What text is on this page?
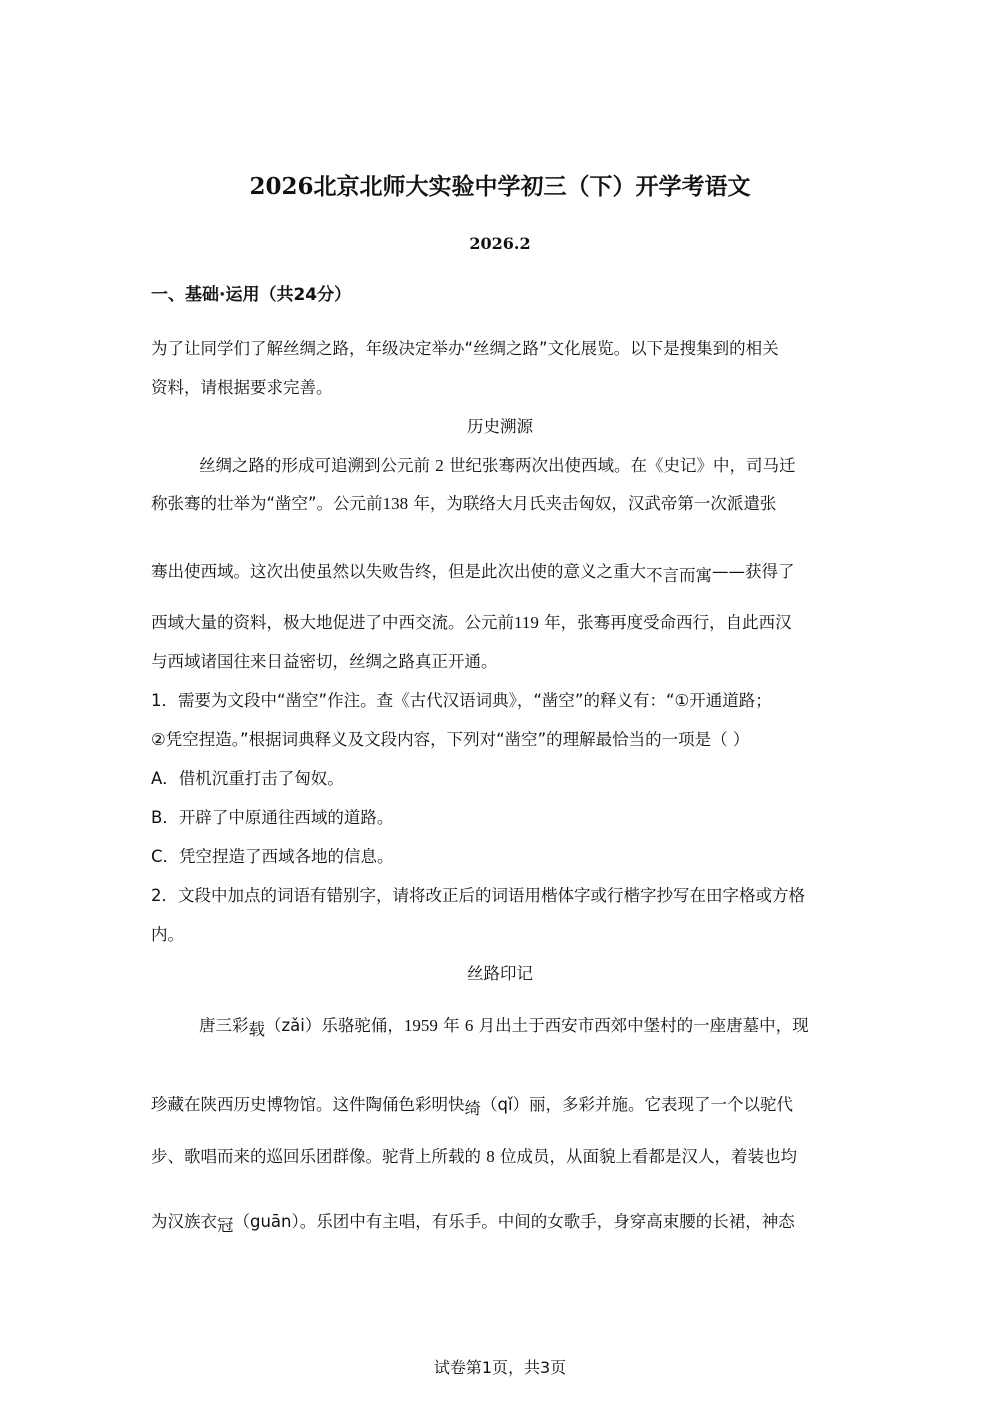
2026北京北师大实验中学初三（下）开学考语文
2026.2
一、基础·运用（共24分）
为了让同学们了解丝绸之路，年级决定举办“丝绸之路”文化展览。以下是搜集到的相关
资料，请根据要求完善。
历史溯源
丝绸之路的形成可追溯到公元前 2 世纪张骞两次出使西域。在《史记》中，司马迁
称张骞的壮举为“凿空”。公元前138 年，为联络大月氏夹击匈奴，汉武帝第一次派遣张
骞出使西域。这次出使虽然以失败告终，但是此次出使的意义之重大不言而寓——获得了
西域大量的资料，极大地促进了中西交流。公元前119 年，张骞再度受命西行，自此西汉
与西域诸国往来日益密切，丝绸之路真正开通。
1．需要为文段中“凿空”作注。查《古代汉语词典》，“凿空”的释义有：“①开通道路；
②凭空捏造。”根据词典释义及文段内容，下列对“凿空”的理解最恰当的一项是（ ）
A．借机沉重打击了匈奴。
B．开辟了中原通往西域的道路。
C．凭空捏造了西域各地的信息。
2．文段中加点的词语有错别字，请将改正后的词语用楷体字或行楷字抄写在田字格或方格
内。
丝路印记
唐三彩载（zǎi）乐骆驼俑，1959 年 6 月出土于西安市西郊中堡村的一座唐墓中，现
珍藏在陕西历史博物馆。这件陶俑色彩明快绮（qǐ）丽，多彩并施。它表现了一个以驼代
步、歌唱而来的巡回乐团群像。驼背上所载的 8 位成员，从面貌上看都是汉人，着装也均
为汉族衣冠（guān）。乐团中有主唱，有乐手。中间的女歌手，身穿高束腰的长裙，神态
试卷第1页，共3页
